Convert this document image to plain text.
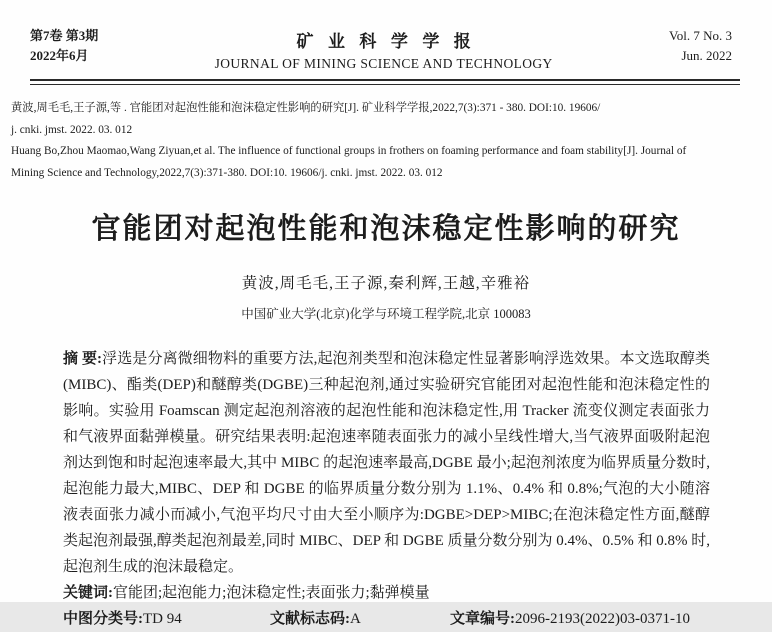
第7卷 第3期
2022年6月
矿业科学学报
JOURNAL OF MINING SCIENCE AND TECHNOLOGY
Vol. 7 No. 3
Jun. 2022
黄波,周毛毛,王子源,等 . 官能团对起泡性能和泡沫稳定性影响的研究[J]. 矿业科学学报,2022,7(3):371 - 380. DOI:10. 19606/
j. cnki. jmst. 2022. 03. 012
Huang Bo,Zhou Maomao,Wang Ziyuan,et al. The influence of functional groups in frothers on foaming performance and foam stability[J]. Journal of
Mining Science and Technology,2022,7(3):371-380. DOI:10. 19606/j. cnki. jmst. 2022. 03. 012
官能团对起泡性能和泡沫稳定性影响的研究
黄波,周毛毛,王子源,秦利辉,王越,辛雅裕
中国矿业大学(北京)化学与环境工程学院,北京 100083

摘 要:浮选是分离微细物料的重要方法,起泡剂类型和泡沫稳定性显著影响浮选效果。本文选取醇类(MIBC)、酯类(DEP)和醚醇类(DGBE)三种起泡剂,通过实验研究官能团对起泡性能和泡沫稳定性的影响。实验用 Foamscan 测定起泡剂溶液的起泡性能和泡沫稳定性,用 Tracker 流变仪测定表面张力和气液界面黏弹模量。研究结果表明:起泡速率随表面张力的减小呈线性增大,当气液界面吸附起泡剂达到饱和时起泡速率最大,其中 MIBC 的起泡速率最高,DGBE 最小;起泡剂浓度为临界质量分数时,起泡能力最大,MIBC、DEP 和 DGBE 的临界质量分数分别为 1.1%、0.4% 和 0.8%;气泡的大小随溶液表面张力减小而减小,气泡平均尺寸由大至小顺序为:DGBE>DEP>MIBC;在泡沫稳定性方面,醚醇类起泡剂最强,醇类起泡剂最差,同时 MIBC、DEP 和 DGBE 质量分数分别为 0.4%、0.5% 和 0.8% 时,起泡剂生成的泡沫最稳定。

关键词:官能团;起泡能力;泡沫稳定性;表面张力;黏弹模量

中图分类号:TD 94	文献标志码:A	文章编号:2096-2193(2022)03-0371-10
